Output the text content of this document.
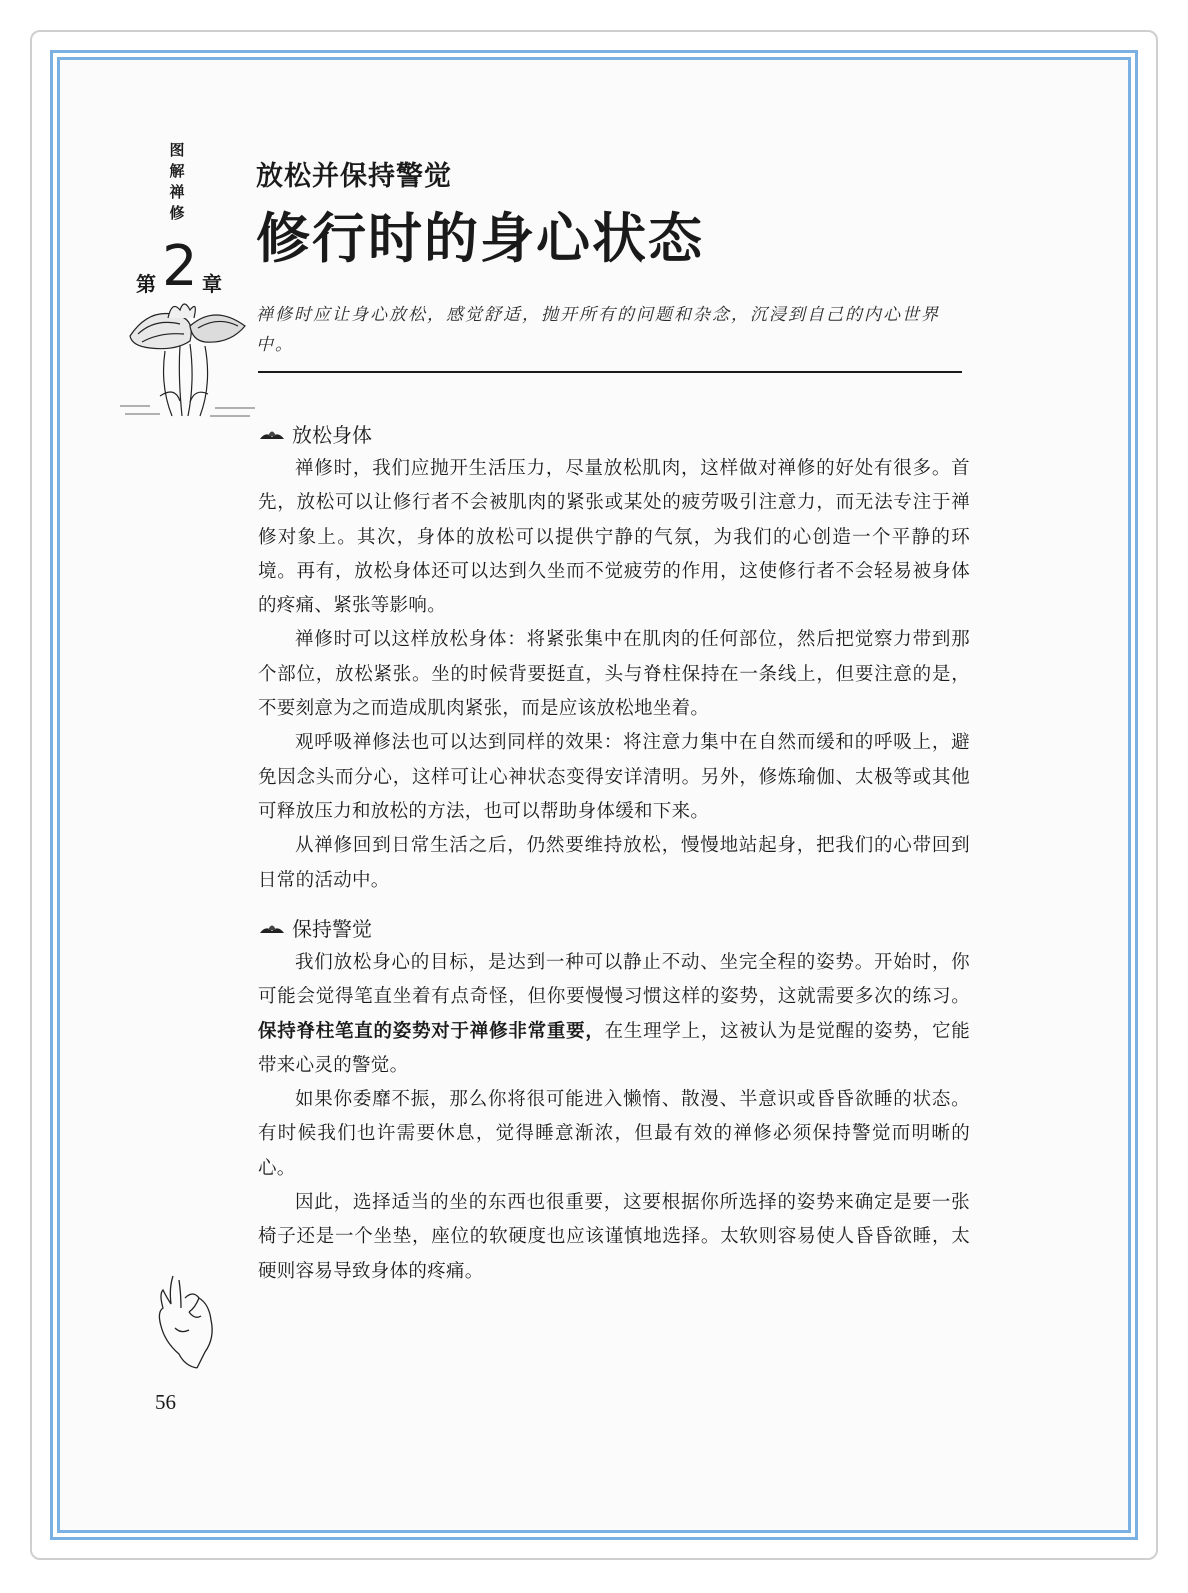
图
解
禅
修
第 2 章
放松并保持警觉
修行时的身心状态
禅修时应让身心放松，感觉舒适，抛开所有的问题和杂念，沉浸到自己的内心世界中。
放松身体

禅修时，我们应抛开生活压力，尽量放松肌肉，这样做对禅修的好处有很多。首先，放松可以让修行者不会被肌肉的紧张或某处的疲劳吸引注意力，而无法专注于禅修对象上。其次，身体的放松可以提供宁静的气氛，为我们的心创造一个平静的环境。再有，放松身体还可以达到久坐而不觉疲劳的作用，这使修行者不会轻易被身体的疼痛、紧张等影响。

禅修时可以这样放松身体：将紧张集中在肌肉的任何部位，然后把觉察力带到那个部位，放松紧张。坐的时候背要挺直，头与脊柱保持在一条线上，但要注意的是，不要刻意为之而造成肌肉紧张，而是应该放松地坐着。

观呼吸禅修法也可以达到同样的效果：将注意力集中在自然而缓和的呼吸上，避免因念头而分心，这样可让心神状态变得安详清明。另外，修炼瑜伽、太极等或其他可释放压力和放松的方法，也可以帮助身体缓和下来。

从禅修回到日常生活之后，仍然要维持放松，慢慢地站起身，把我们的心带回到日常的活动中。

保持警觉

我们放松身心的目标，是达到一种可以静止不动、坐完全程的姿势。开始时，你可能会觉得笔直坐着有点奇怪，但你要慢慢习惯这样的姿势，这就需要多次的练习。保持脊柱笔直的姿势对于禅修非常重要，在生理学上，这被认为是觉醒的姿势，它能带来心灵的警觉。

如果你委靡不振，那么你将很可能进入懒惰、散漫、半意识或昏昏欲睡的状态。有时候我们也许需要休息，觉得睡意渐浓，但最有效的禅修必须保持警觉而明晰的心。

因此，选择适当的坐的东西也很重要，这要根据你所选择的姿势来确定是要一张椅子还是一个坐垫，座位的软硬度也应该谨慎地选择。太软则容易使人昏昏欲睡，太硬则容易导致身体的疼痛。

56
